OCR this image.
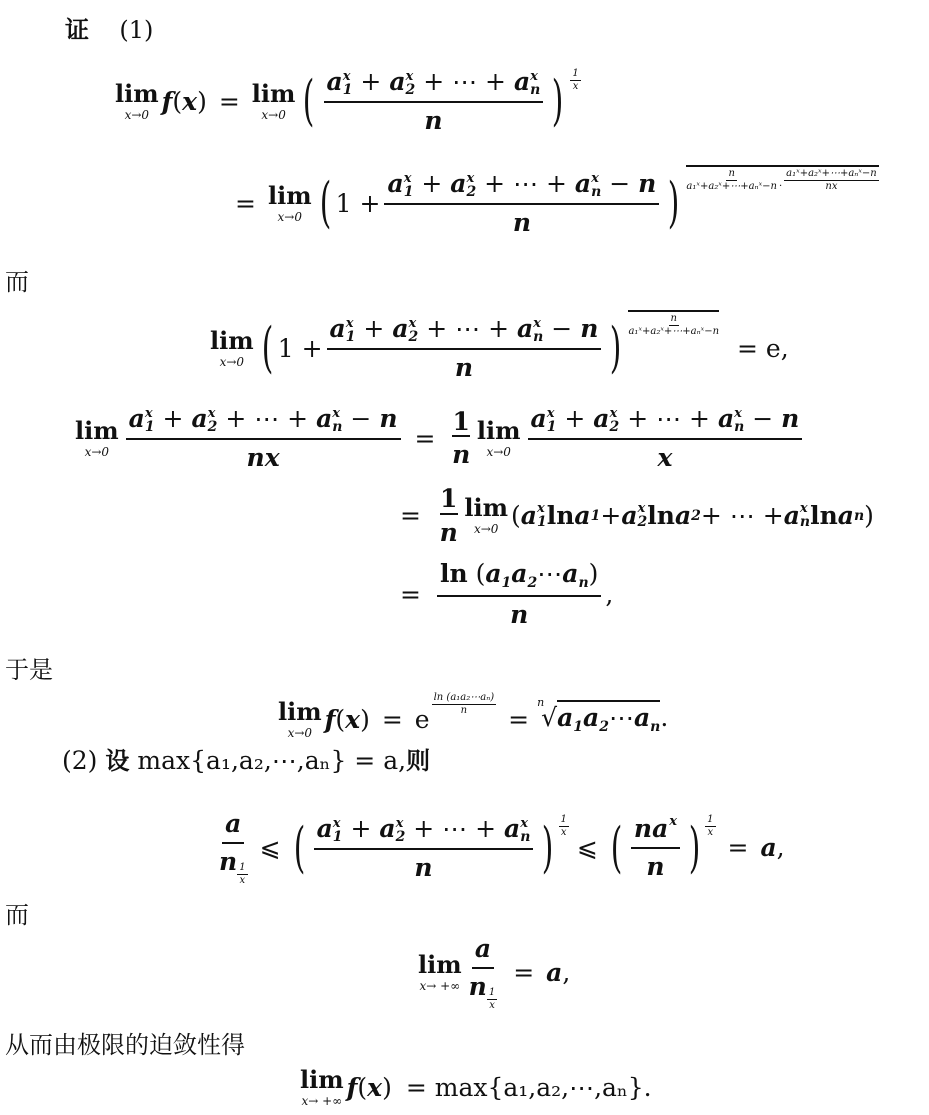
证 (1)
lim
x→0 f ( x ) = lim
x→0 ( a x
1 + a x
2 + ⋯ + a x
n
n ) 1
x
= lim
x→0 ( 1 + a x
1 + a x
2 + ⋯ + a x
n − n
n )	n
a₁ˣ+a₂ˣ+⋯+aₙˣ−n ·
a₁ˣ+a₂ˣ+⋯+aₙˣ−n
nx
而
lim
x→0 ( 1 + a x
1 + a x
2 + ⋯ + a x
n − n
n )	n
a₁ˣ+a₂ˣ+⋯+aₙˣ−n
= e,
lim
x→0 a x
1 + a x
2 + ⋯ + a x
n − n
nx = $\frac{1}{n}$ lim
x→0 a x
1 + a x
2 + ⋯ + a x
n − n
x
= $\frac{1}{n}$ lim
x→0 ( a x
1 ln a 1 + a x
2 ln a 2 + ⋯ + a x
n ln a n )
= $\frac{\ln (a_1a_2\cdots a_n)}{n}$ ,
于是
lim
x→0 f ( x ) = e
$\frac{\text{ln (a₁a₂⋯aₙ)}}{n}$
=
n
$√a_1a_2\cdots a_n$.
(2) 设 max{a₁,a₂,⋯,aₙ} = a, 则
$\frac{a}{n \frac{1}{x}}$ ⩽ ( a x
1 + a x
2 + ⋯ + a x
n
n ) 1
x
⩽ ( $\frac{na^x}{n}$ ) $\frac{1}{x}$
= a ,
而
lim
x→ +∞ $\frac{a}{n \frac{1}{x}} = a$ ,
从而由极限的迫敛性得
lim
x→ +∞ f ( x ) = max{a₁,a₂,⋯,aₙ}.
